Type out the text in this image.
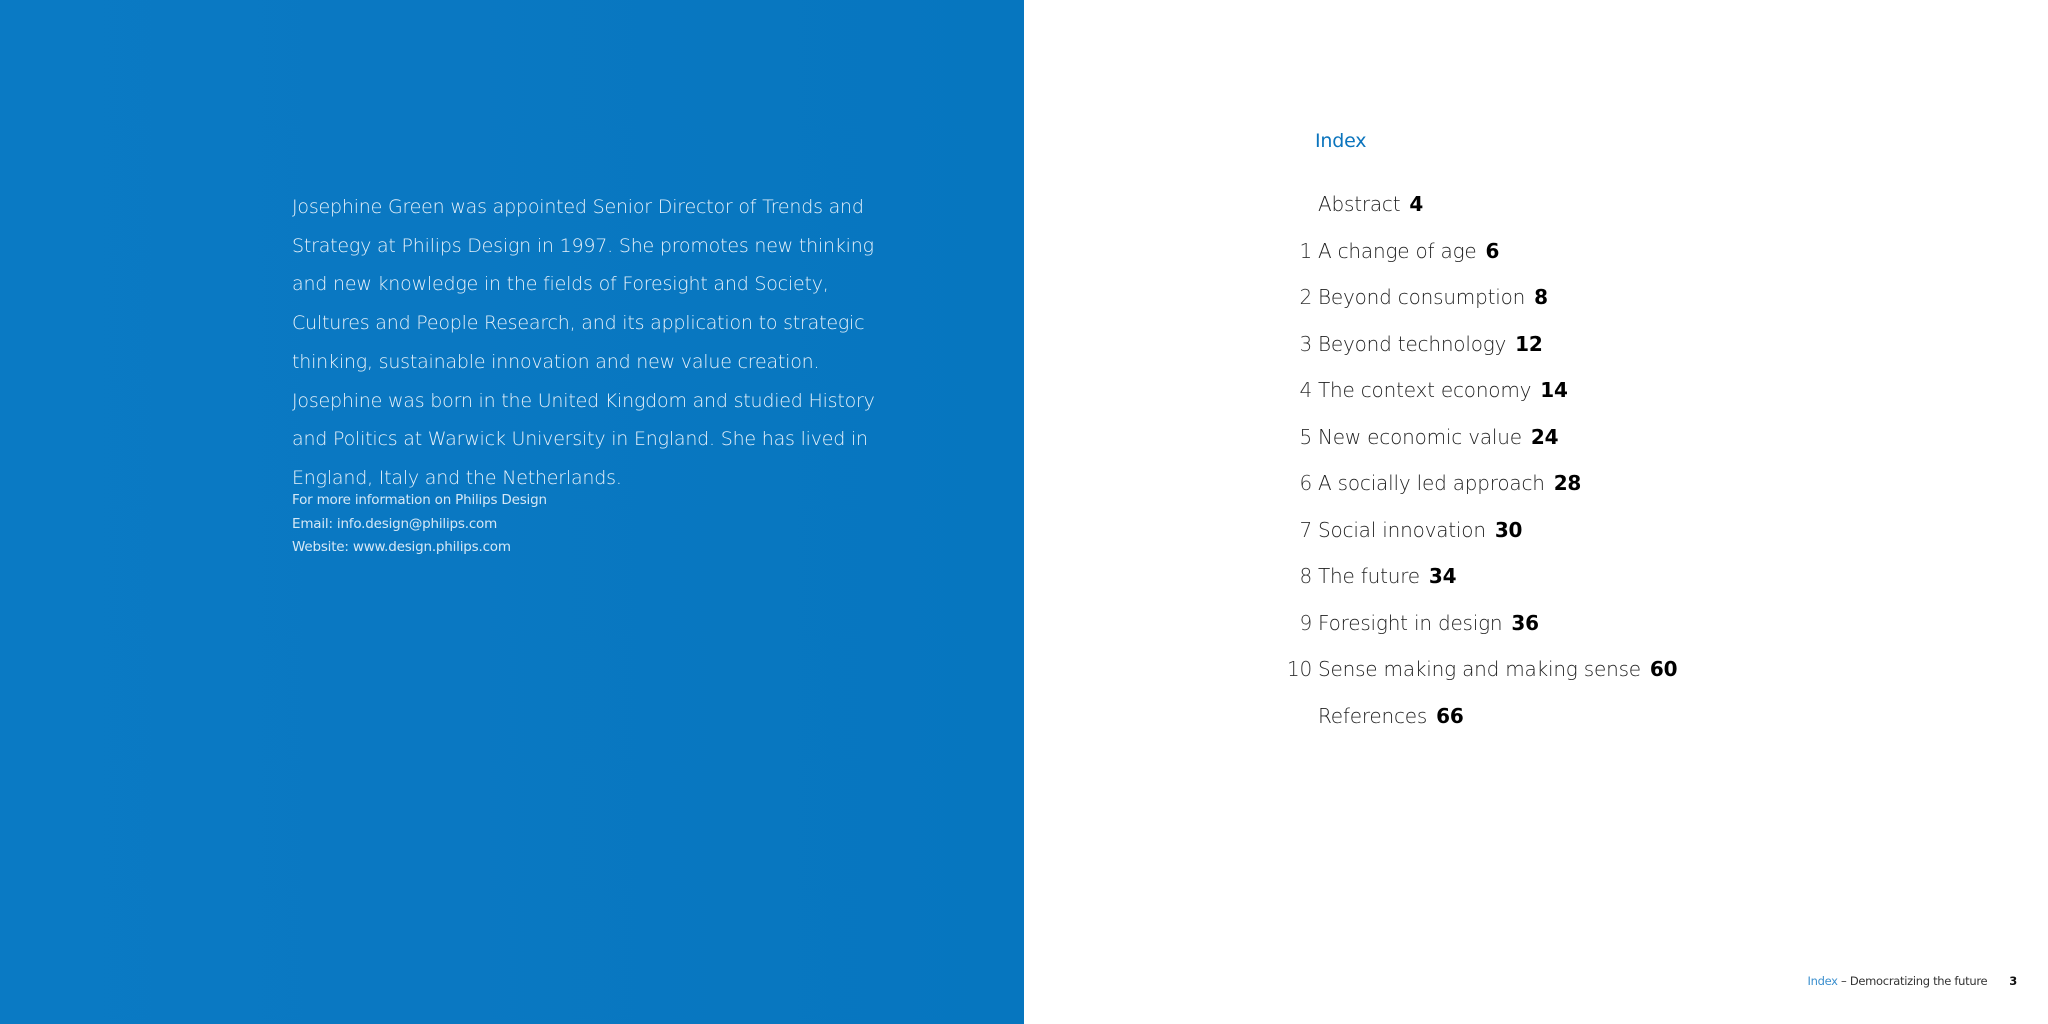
Josephine Green was appointed Senior Director of Trends and Strategy at Philips Design in 1997. She promotes new thinking and new knowledge in the fields of Foresight and Society, Cultures and People Research, and its application to strategic thinking, sustainable innovation and new value creation. Josephine was born in the United Kingdom and studied History and Politics at Warwick University in England. She has lived in England, Italy and the Netherlands.

For more information on Philips Design
Email: info.design@philips.com
Website: www.design.philips.com
Index
Abstract 4
1 A change of age 6
2 Beyond consumption 8
3 Beyond technology 12
4 The context economy 14
5 New economic value 24
6 A socially led approach 28
7 Social innovation 30
8 The future 34
9 Foresight in design 36
10 Sense making and making sense 60
References 66
Index – Democratizing the future 3
